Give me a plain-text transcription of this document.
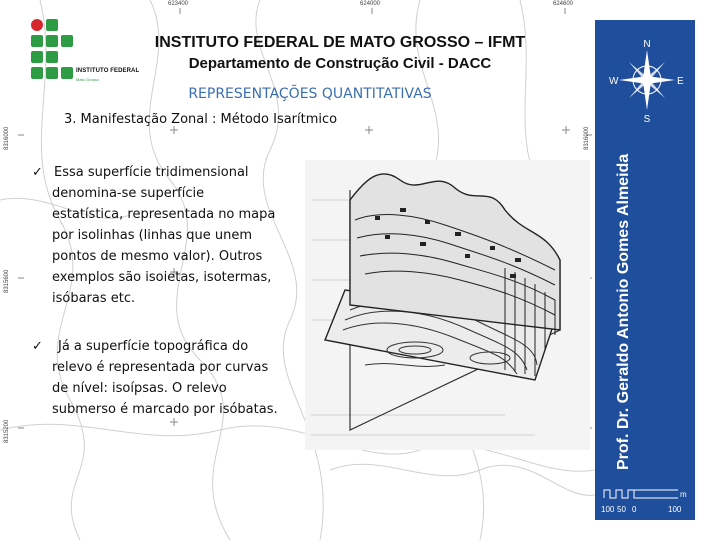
623400	624000	624600
8316000
8315600
8315200
8316000
INSTITUTO FEDERAL
Mato Grosso
INSTITUTO FEDERAL DE MATO GROSSO – IFMT
Departamento de Construção Civil - DACC
REPRESENTAÇÕES QUANTITATIVAS
3. Manifestação Zonal : Método Isarítmico
✓ Essa superfície tridimensional
denomina-se superfície
estatística, representada no mapa
por isolinhas (linhas que unem
pontos de mesmo valor). Outros
exemplos são isoietas, isotermas,
isóbaras etc.
✓	Já a superfície topográfica do
relevo é representada por curvas
de nível: isoípsas. O relevo
submerso é marcado por isóbatas.
N
S
W	E
Prof. Dr. Geraldo Antonio Gomes Almeida
m
100 50 0	100
